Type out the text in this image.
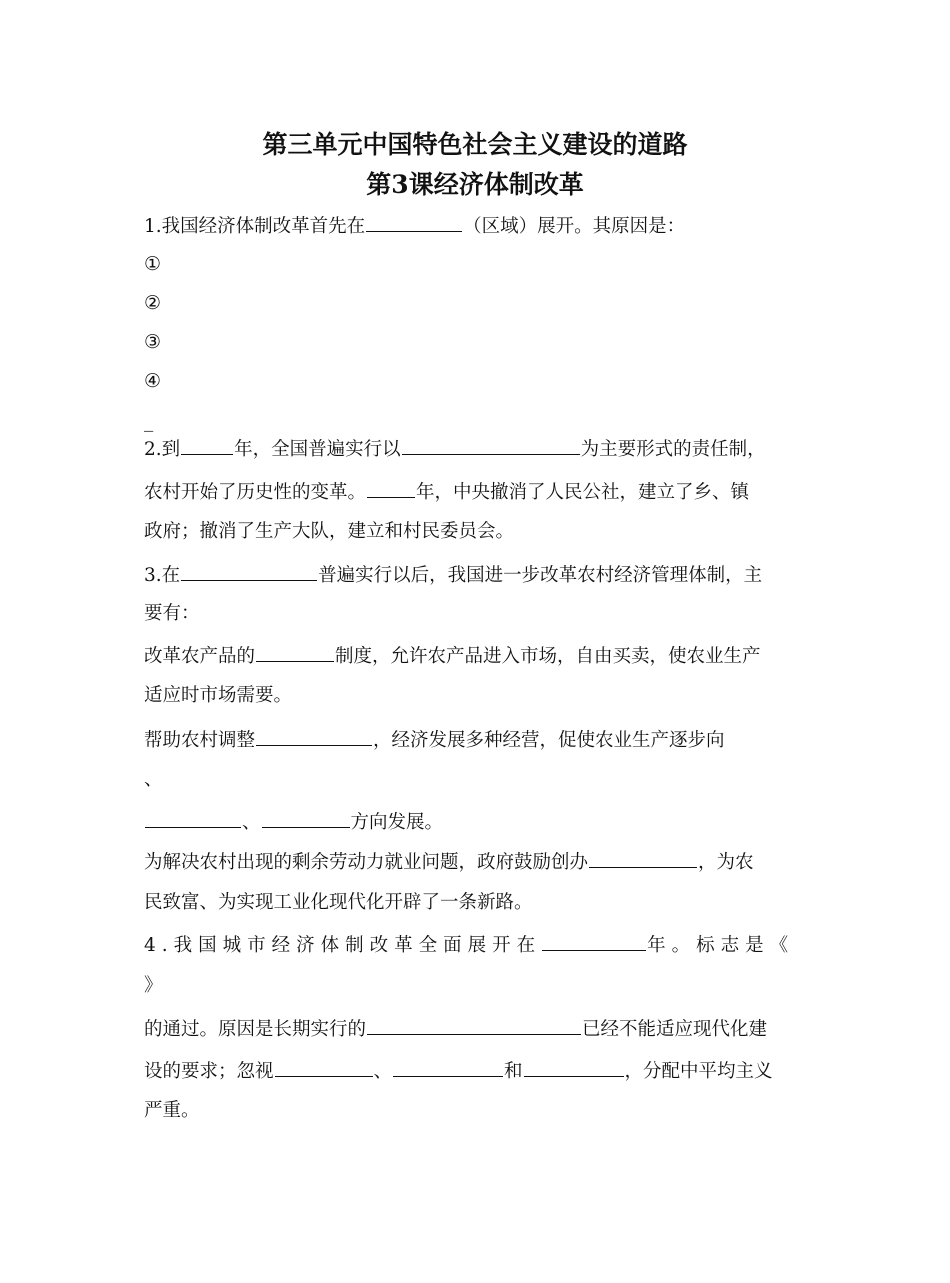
第三单元中国特色社会主义建设的道路
第3课经济体制改革

1.我国经济体制改革首先在	（区域）展开。其原因是：

①

②

③

④

_

2.到	年，全国普遍实行以	为主要形式的责任制，

农村开始了历史性的变革。	年，中央撤消了人民公社，建立了乡、镇

政府；撤消了生产大队，建立和村民委员会。

3.在	普遍实行以后，我国进一步改革农村经济管理体制，主

要有：

改革农产品的	制度，允许农产品进入市场，自由买卖，使农业生产

适应时市场需要。

帮助农村调整	，经济发展多种经营，促使农业生产逐步向

、

、	方向发展。

为解决农村出现的剩余劳动力就业问题，政府鼓励创办	，为农

民致富、为实现工业化现代化开辟了一条新路。

4.我国城市经济体制改革全面展开在	年。标志是《

》

的通过。原因是长期实行的	已经不能适应现代化建

设的要求；忽视	、	和	，分配中平均主义

严重。
